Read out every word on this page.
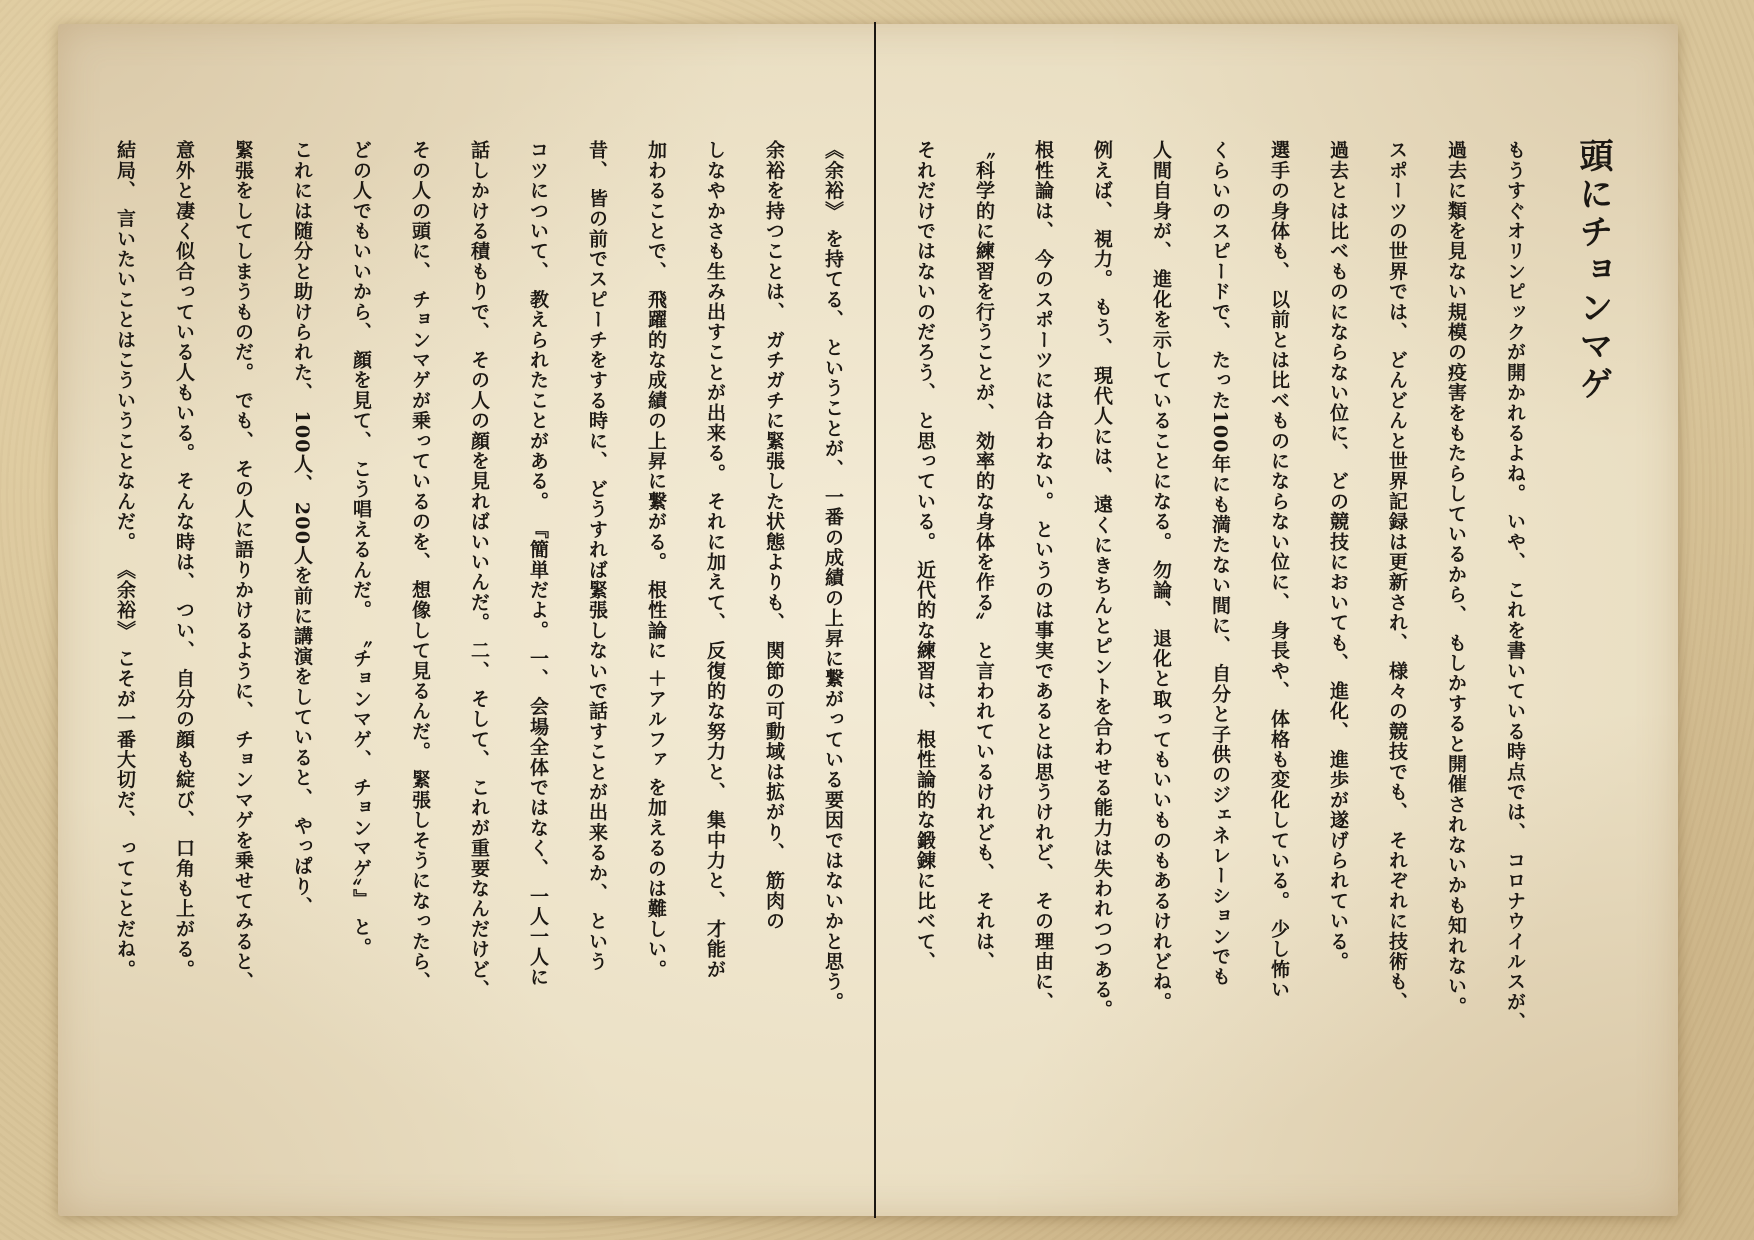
頭にチョンマゲ
もうすぐオリンピックが開かれるよね。 いや、 これを書いている時点では、 コロナウイルスが、
過去に類を見ない規模の疫害をもたらしているから、 もしかすると開催されないかも知れない。
スポーツの世界では、 どんどんと世界記録は更新され、 様々の競技でも、 それぞれに技術も、
過去とは比べものにならない位に、 どの競技においても、 進化、 進歩が遂げられている。
選手の身体も、 以前とは比べものにならない位に、 身長や、 体格も変化している。 少し怖い
くらいのスピードで、 たった100年にも満たない間に、 自分と子供のジェネレーションでも
人間自身が、 進化を示していることになる。 勿論、 退化と取ってもいいものもあるけれどね。
例えば、 視力。 もう、 現代人には、 遠くにきちんとピントを合わせる能力は失われつつある。
根性論は、 今のスポーツには合わない。 というのは事実であるとは思うけれど、 その理由に、
〝科学的に練習を行うことが、 効率的な身体を作る〟 と言われているけれども、 それは、
それだけではないのだろう、 と思っている。 近代的な練習は、 根性論的な鍛錬に比べて、
《余裕》 を持てる、 ということが、 一番の成績の上昇に繋がっている要因ではないかと思う。
余裕を持つことは、 ガチガチに緊張した状態よりも、 関節の可動域は拡がり、 筋肉の
しなやかさも生み出すことが出来る。 それに加えて、 反復的な努力と、 集中力と、 才能が
加わることで、 飛躍的な成績の上昇に繋がる。 根性論に ＋アルファ を加えるのは難しい。
昔、 皆の前でスピーチをする時に、 どうすれば緊張しないで話すことが出来るか、 という
コツについて、 教えられたことがある。 『簡単だよ。 一、 会場全体ではなく、 一人一人に
話しかける積もりで、 その人の顔を見ればいいんだ。 二、 そして、 これが重要なんだけど、
その人の頭に、 チョンマゲが乗っているのを、 想像して見るんだ。 緊張しそうになったら、
どの人でもいいから、 顔を見て、 こう唱えるんだ。 〝チョンマゲ、 チョンマゲ〟』 と。
これには随分と助けられた、 100人、 200人を前に講演をしていると、 やっぱり、
緊張をしてしまうものだ。 でも、 その人に語りかけるように、 チョンマゲを乗せてみると、
意外と凄く似合っている人もいる。 そんな時は、 つい、 自分の顔も綻び、 口角も上がる。
結局、 言いたいことはこういうことなんだ。 《余裕》 こそが一番大切だ、 ってことだね。
